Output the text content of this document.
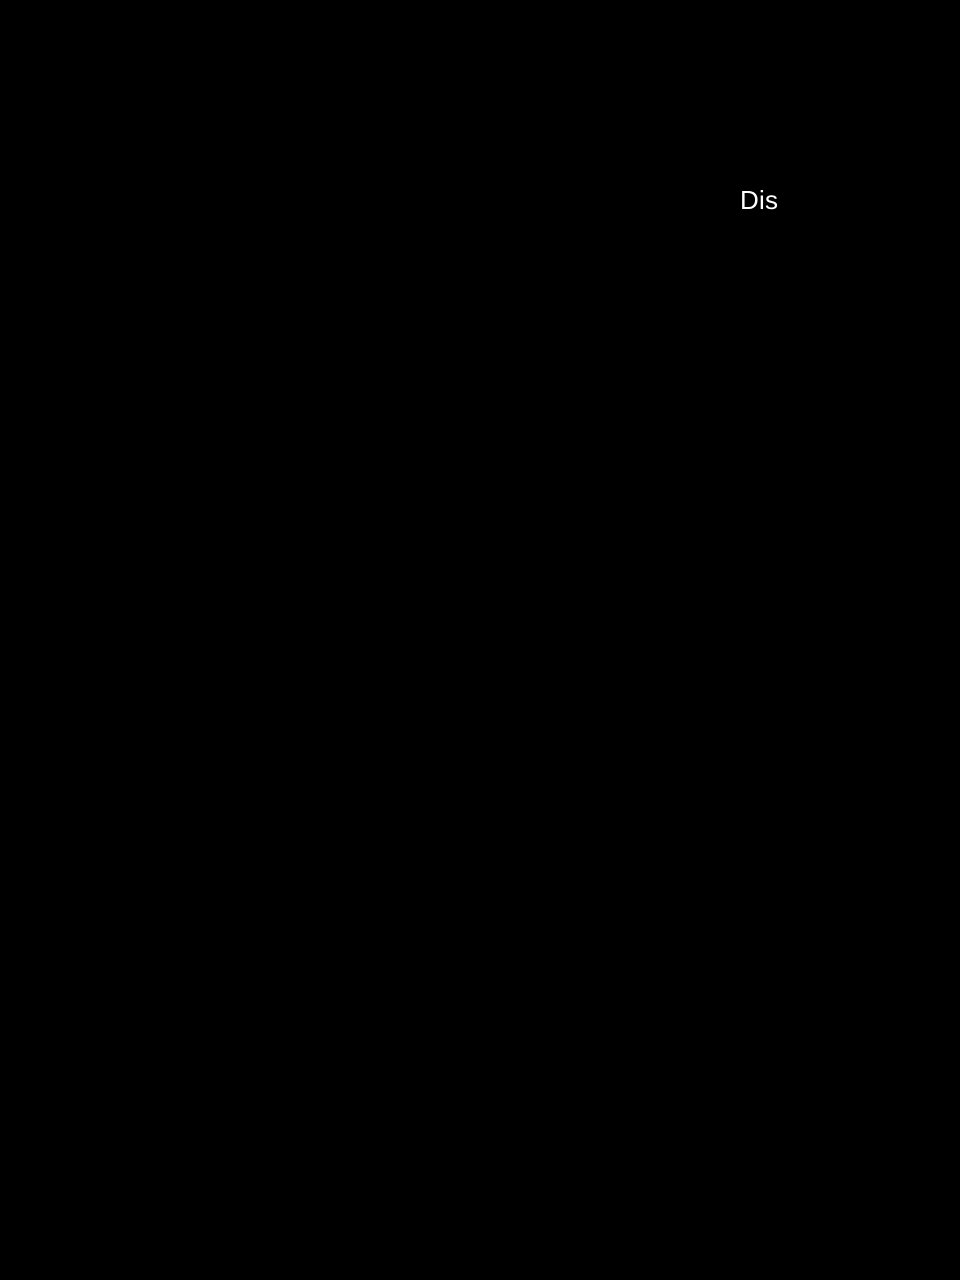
Dis
